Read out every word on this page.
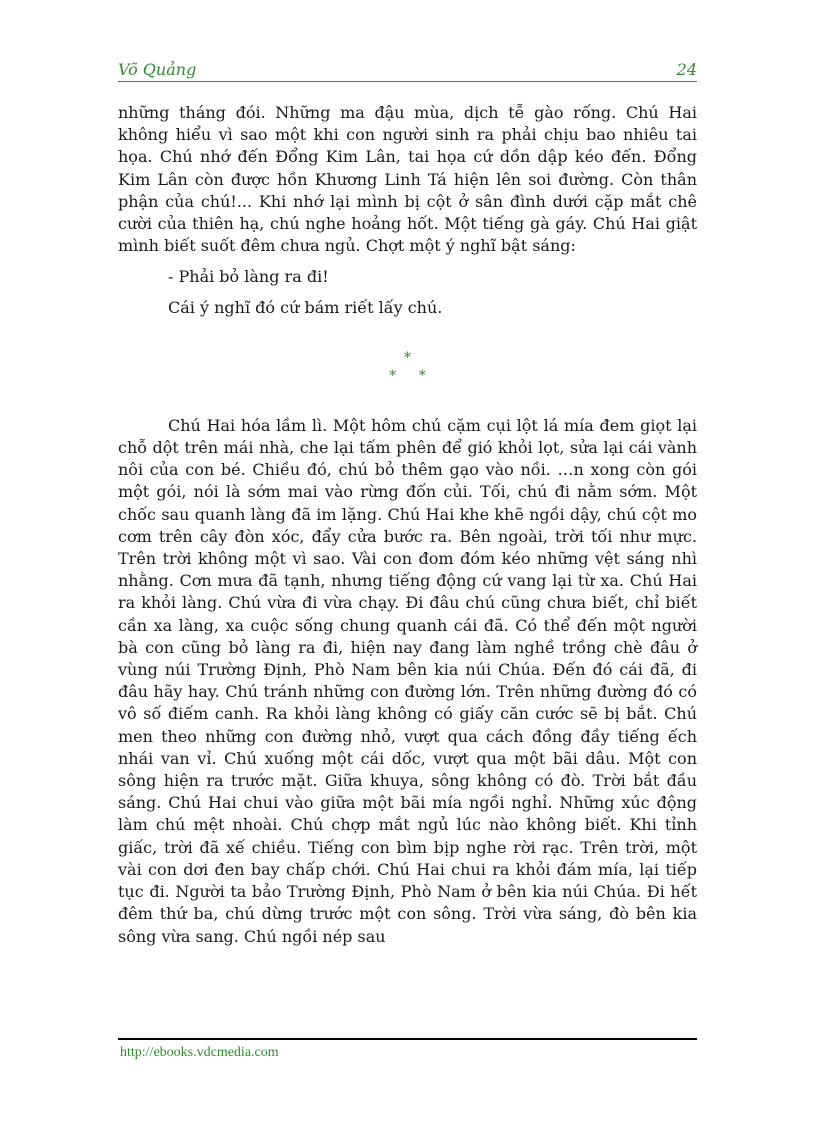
Võ Quảng	24

những tháng đói. Những ma đậu mùa, dịch tễ gào rống. Chú Hai không hiểu vì sao một khi con người sinh ra phải chịu bao nhiêu tai họa. Chú nhớ đến Đổng Kim Lân, tai họa cứ dồn dập kéo đến. Đổng Kim Lân còn được hồn Khương Linh Tá hiện lên soi đường. Còn thân phận của chú!... Khi nhớ lại mình bị cột ở sân đình dưới cặp mắt chê cười của thiên hạ, chú nghe hoảng hốt. Một tiếng gà gáy. Chú Hai giật mình biết suốt đêm chưa ngủ. Chợt một ý nghĩ bật sáng:

- Phải bỏ làng ra đi!

Cái ý nghĩ đó cứ bám riết lấy chú.

*
* *

Chú Hai hóa lầm lì. Một hôm chú cặm cụi lột lá mía đem giọt lại chỗ dột trên mái nhà, che lại tấm phên để gió khỏi lọt, sửa lại cái vành nôi của con bé. Chiều đó, chú bỏ thêm gạo vào nồi. …n xong còn gói một gói, nói là sớm mai vào rừng đốn củi. Tối, chú đi nằm sớm. Một chốc sau quanh làng đã im lặng. Chú Hai khe khẽ ngồi dậy, chú cột mo cơm trên cây đòn xóc, đẩy cửa bước ra. Bên ngoài, trời tối như mực. Trên trời không một vì sao. Vài con đom đóm kéo những vệt sáng nhì nhằng. Cơn mưa đã tạnh, nhưng tiếng động cứ vang lại từ xa. Chú Hai ra khỏi làng. Chú vừa đi vừa chạy. Đi đâu chú cũng chưa biết, chỉ biết cần xa làng, xa cuộc sống chung quanh cái đã. Có thể đến một người bà con cũng bỏ làng ra đi, hiện nay đang làm nghề trồng chè đâu ở vùng núi Trường Định, Phò Nam bên kia núi Chúa. Đến đó cái đã, đi đâu hãy hay. Chú tránh những con đường lớn. Trên những đường đó có vô số điếm canh. Ra khỏi làng không có giấy căn cước sẽ bị bắt. Chú men theo những con đường nhỏ, vượt qua cách đồng đầy tiếng ếch nhái van vỉ. Chú xuống một cái dốc, vượt qua một bãi dâu. Một con sông hiện ra trước mặt. Giữa khuya, sông không có đò. Trời bắt đầu sáng. Chú Hai chui vào giữa một bãi mía ngồi nghỉ. Những xúc động làm chú mệt nhoài. Chú chợp mắt ngủ lúc nào không biết. Khi tỉnh giấc, trời đã xế chiều. Tiếng con bìm bịp nghe rời rạc. Trên trời, một vài con dơi đen bay chấp chới. Chú Hai chui ra khỏi đám mía, lại tiếp tục đi. Người ta bảo Trường Định, Phò Nam ở bên kia núi Chúa. Đi hết đêm thứ ba, chú dừng trước một con sông. Trời vừa sáng, đò bên kia sông vừa sang. Chú ngồi nép sau

http://ebooks.vdcmedia.com
